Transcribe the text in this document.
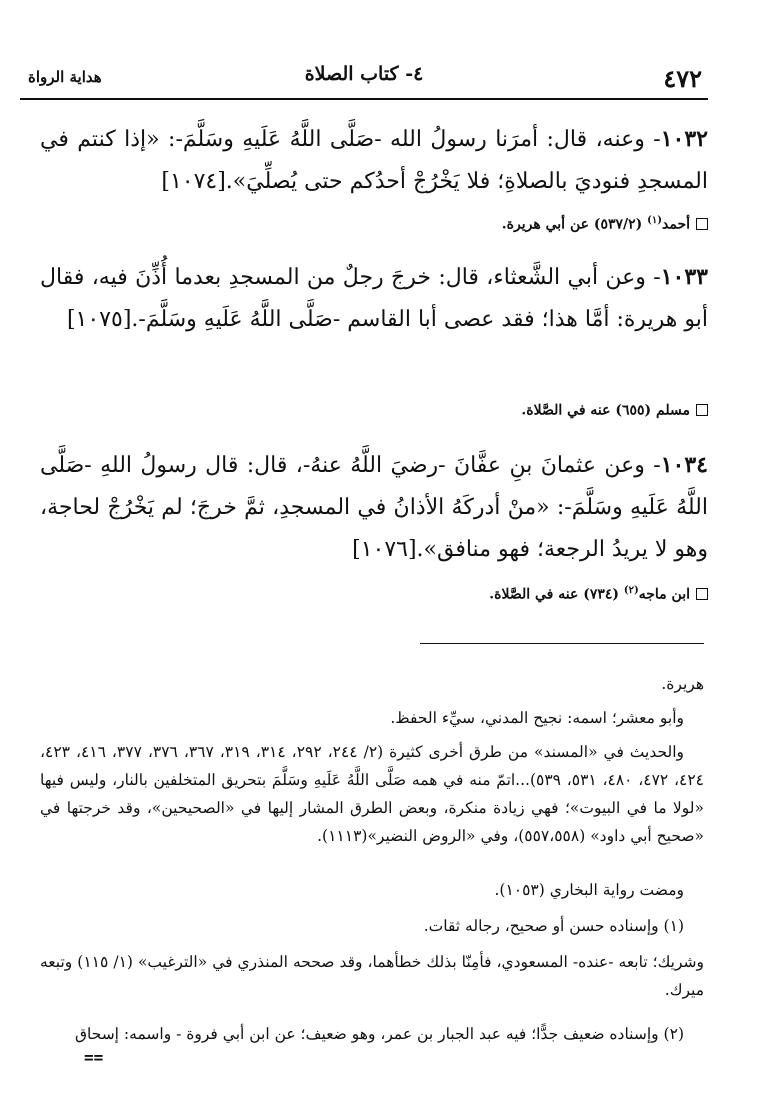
٤٧٢
٤- كتاب الصلاة
هداية الرواة
١٠٣٢- وعنه، قال: أمرَنا رسولُ الله -صَلَّى اللَّهُ عَلَيهِ وسَلَّمَ-: «إذا كنتم في المسجدِ فنوديَ بالصلاةِ؛ فلا يَخْرُجْ أحدُكم حتى يُصلِّيَ».[١٠٧٤]
أحمد$^{(١)}$ (٥٣٧/٢) عن أبي هريرة.
١٠٣٣- وعن أبي الشَّعثاء، قال: خرجَ رجلٌ من المسجدِ بعدما أُذِّنَ فيه، فقال أبو هريرة: أمَّا هذا؛ فقد عصى أبا القاسم -صَلَّى اللَّهُ عَلَيهِ وسَلَّمَ-.[١٠٧٥]
مسلم (٦٥٥) عنه في الصَّلاة.
١٠٣٤- وعن عثمانَ بنِ عفَّانَ -رضيَ اللَّهُ عنهُ-، قال: قال رسولُ اللهِ -صَلَّى اللَّهُ عَلَيهِ وسَلَّمَ-: «منْ أدركَهُ الأذانُ في المسجدِ، ثمَّ خرجَ؛ لم يَخْرُجْ لحاجة، وهو لا يريدُ الرجعة؛ فهو منافق».[١٠٧٦]
ابن ماجه$^{(٢)}$ (٧٣٤) عنه في الصَّلاة.
هريرة.
وأبو معشر؛ اسمه: نجيح المدني، سيِّء الحفظ.
والحديث في «المسند» من طرق أخرى كثيرة (٢/ ٢٤٤، ٢٩٢، ٣١٤، ٣١٩، ٣٦٧، ٣٧٦، ٣٧٧، ٤١٦، ٤٢٣، ٤٢٤، ٤٧٢، ٤٨٠، ٥٣١، ٥٣٩)...اتمّ منه في همه صَلَّى اللَّهُ عَلَيهِ وسَلَّمَ بتحريق المتخلفين بالنار، وليس فيها «لولا ما في البيوت»؛ فهي زيادة منكرة، وبعض الطرق المشار إليها في «الصحيحين»، وقد خرجتها في «صحيح أبي داود» (٥٥٧،٥٥٨)، وفي «الروض النضير»(١١١٣).
ومضت رواية البخاري (١٠٥٣).
(١) وإسناده حسن أو صحيح، رجاله ثقات.
وشريك؛ تابعه -عنده- المسعودي، فأمِنّا بذلك خطأهما، وقد صححه المنذري في «الترغيب» (١/ ١١٥) وتبعه ميرك.
(٢) وإسناده ضعيف جدًّا؛ فيه عبد الجبار بن عمر، وهو ضعيف؛ عن ابن أبي فروة - واسمه: إسحاق
==
